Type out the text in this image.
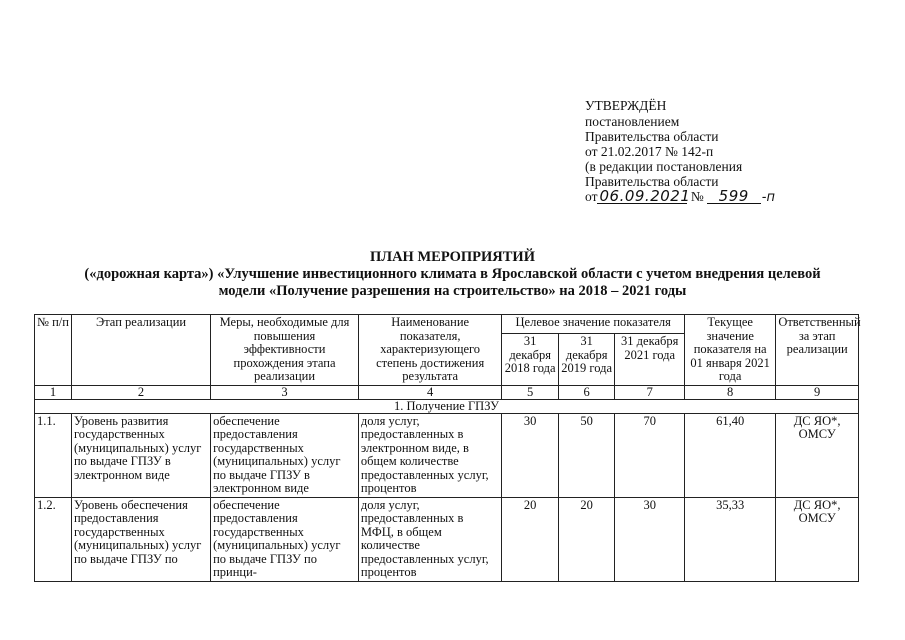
УТВЕРЖДЁН
постановлением
Правительства области
от 21.02.2017 № 142-п
(в редакции постановления
Правительства области
от 06.09.2021 № 599 -п
ПЛАН МЕРОПРИЯТИЙ
(«дорожная карта») «Улучшение инвестиционного климата в Ярославской области с учетом внедрения целевой
модели «Получение разрешения на строительство» на 2018 – 2021 годы
№ п/п	Этап реализации	Меры, необходимые для повышения эффективности прохождения этапа реализации	Наименование показателя, характеризующего степень достижения результата	Целевое значение показателя			Текущее значение показателя на 01 января 2021 года	Ответственный за этап реализации
				31 декабря 2018 года	31 декабря 2019 года	31 декабря 2021 года		
1	2	3	4	5	6	7	8	9
1. Получение ГПЗУ								
1.1.	Уровень развития государственных (муниципальных) услуг по выдаче ГПЗУ в электронном виде	обеспечение предоставления государственных (муниципальных) услуг по выдаче ГПЗУ в электронном виде	доля услуг, предоставленных в электронном виде, в общем количестве предоставленных услуг, процентов	30	50	70	61,40	ДС ЯО*, ОМСУ
1.2.	Уровень обеспечения предоставления государственных (муниципальных) услуг по выдаче ГПЗУ по	обеспечение предоставления государственных (муниципальных) услуг по выдаче ГПЗУ по принци-	доля услуг, предоставленных в МФЦ, в общем количестве предоставленных услуг, процентов	20	20	30	35,33	ДС ЯО*, ОМСУ
